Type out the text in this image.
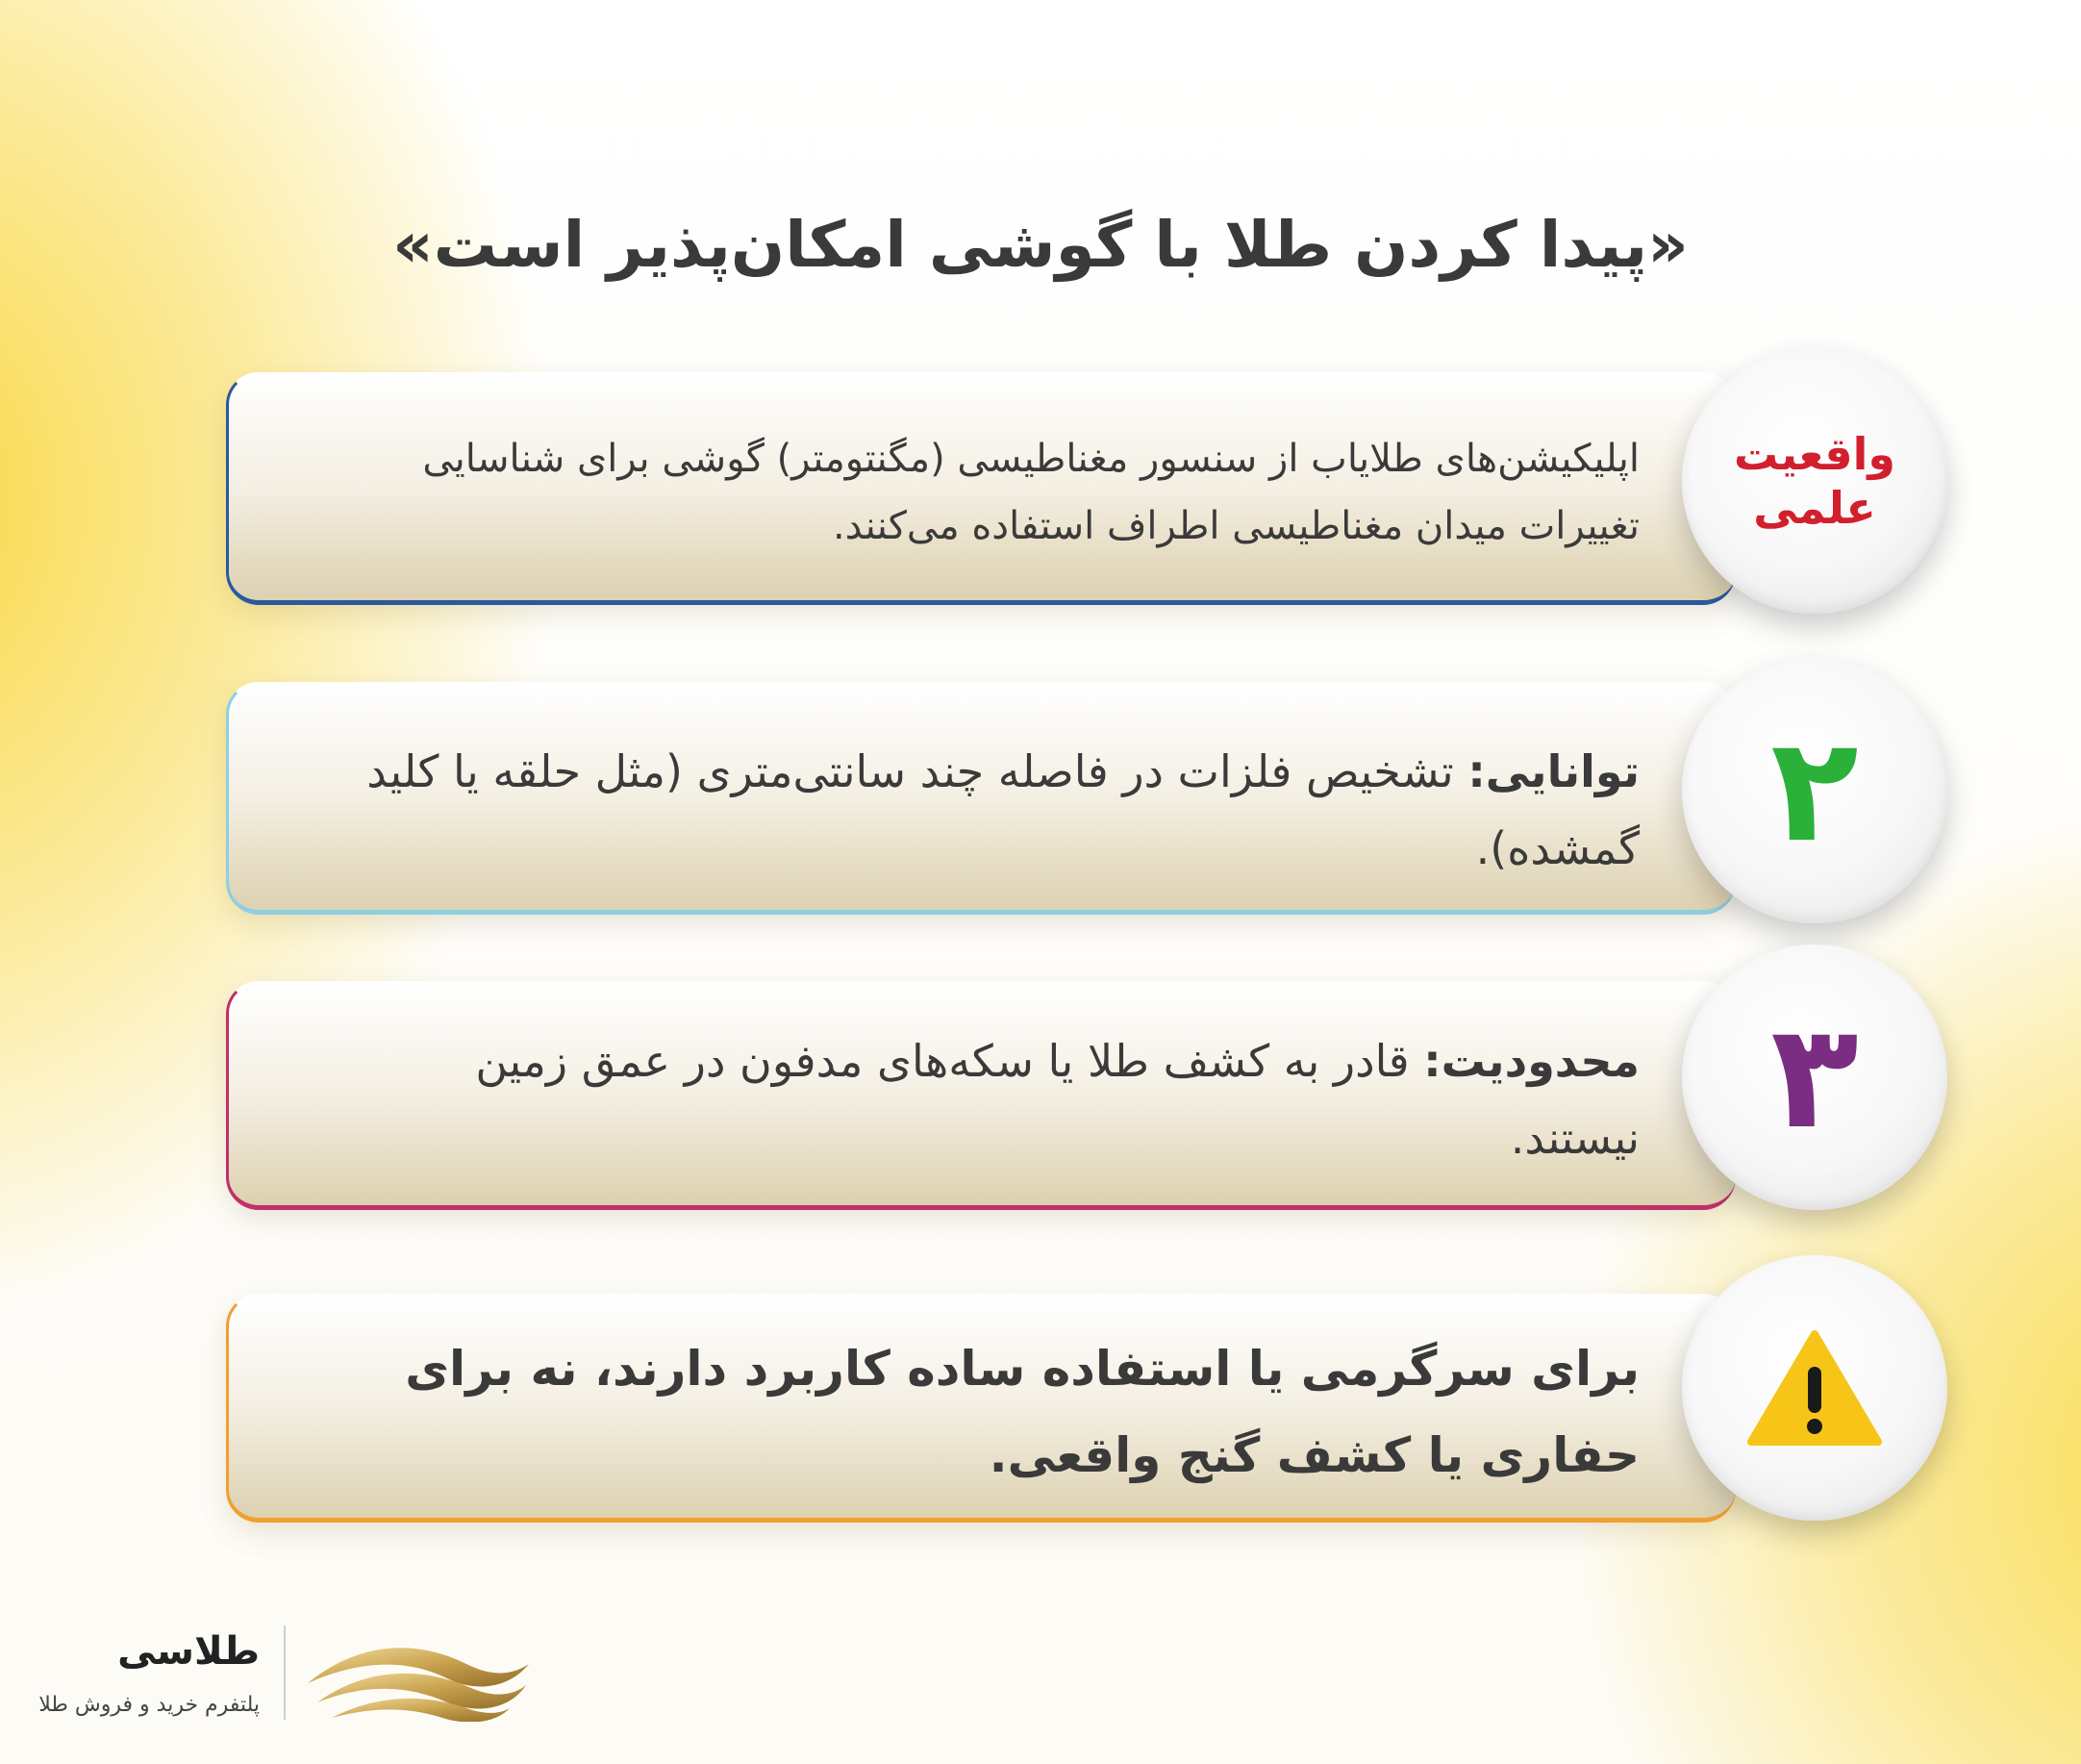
«پیدا کردن طلا با گوشی امکان‌پذیر است»
اپلیکیشن‌های طلایاب از سنسور مغناطیسی (مگنتومتر) گوشی برای شناسایی تغییرات میدان مغناطیسی اطراف استفاده می‌کنند.
واقعیت علمی
توانایی: تشخیص فلزات در فاصله چند سانتی‌متری (مثل حلقه یا کلید گمشده). ۲
محدودیت: قادر به کشف طلا یا سکه‌های مدفون در عمق زمین نیستند. ۳
برای سرگرمی یا استفاده ساده کاربرد دارند، نه برای حفاری یا کشف گنج واقعی.
طلاسی
پلتفرم خرید و فروش طلا
